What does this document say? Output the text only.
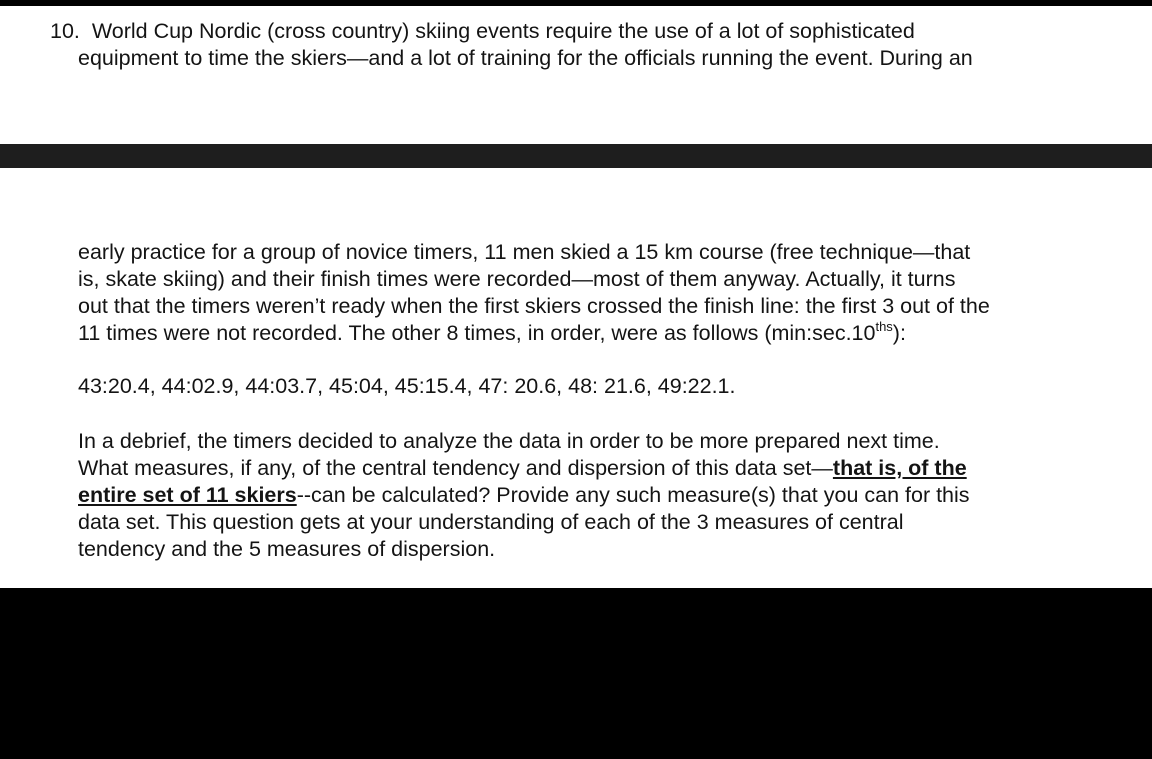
10. World Cup Nordic (cross country) skiing events require the use of a lot of sophisticated
equipment to time the skiers—and a lot of training for the officials running the event. During an

early practice for a group of novice timers, 11 men skied a 15 km course (free technique—that
is, skate skiing) and their finish times were recorded—most of them anyway. Actually, it turns
out that the timers weren’t ready when the first skiers crossed the finish line: the first 3 out of the
11 times were not recorded. The other 8 times, in order, were as follows $(\min:\sec.10^{ths})$:

43:20.4, 44:02.9, 44:03.7, 45:04, 45:15.4, 47: 20.6, 48: 21.6, 49:22.1.

In a debrief, the timers decided to analyze the data in order to be more prepared next time.
What measures, if any, of the central tendency and dispersion of this data set—that is, of the
entire set of 11 skiers--can be calculated? Provide any such measure(s) that you can for this
data set. This question gets at your understanding of each of the 3 measures of central
tendency and the 5 measures of dispersion.
